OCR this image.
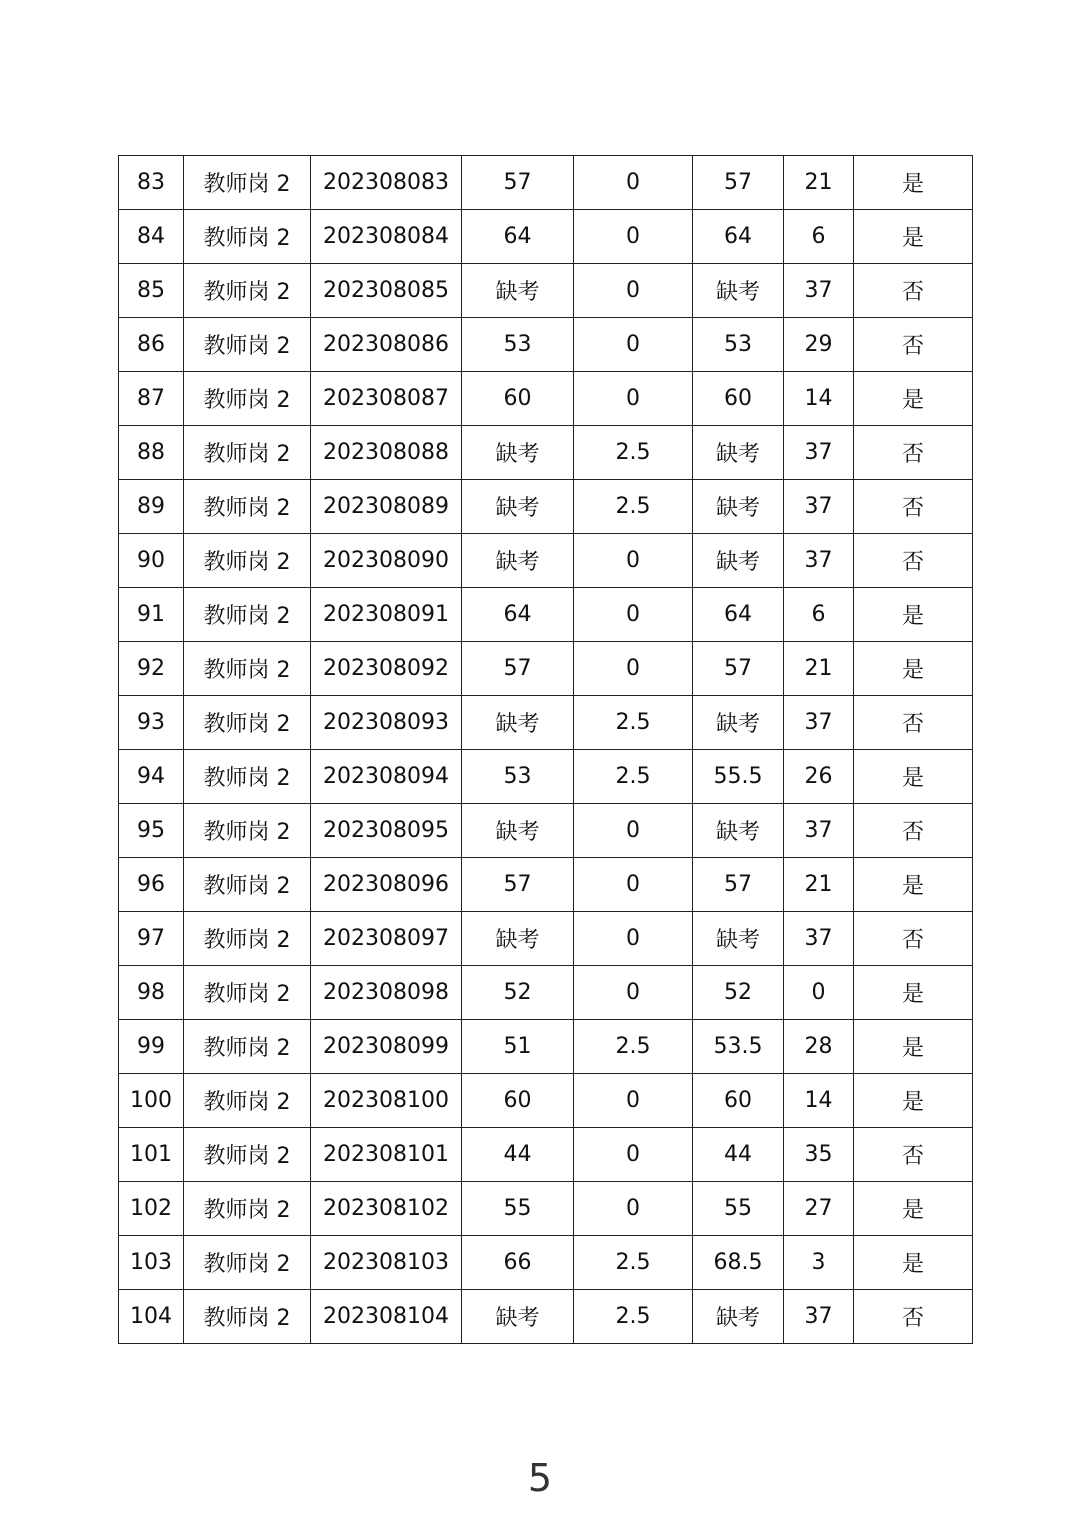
83	教师岗 2	202308083	57	0	57	21	是
84	教师岗 2	202308084	64	0	64	6	是
85	教师岗 2	202308085	缺考	0	缺考	37	否
86	教师岗 2	202308086	53	0	53	29	否
87	教师岗 2	202308087	60	0	60	14	是
88	教师岗 2	202308088	缺考	2.5	缺考	37	否
89	教师岗 2	202308089	缺考	2.5	缺考	37	否
90	教师岗 2	202308090	缺考	0	缺考	37	否
91	教师岗 2	202308091	64	0	64	6	是
92	教师岗 2	202308092	57	0	57	21	是
93	教师岗 2	202308093	缺考	2.5	缺考	37	否
94	教师岗 2	202308094	53	2.5	55.5	26	是
95	教师岗 2	202308095	缺考	0	缺考	37	否
96	教师岗 2	202308096	57	0	57	21	是
97	教师岗 2	202308097	缺考	0	缺考	37	否
98	教师岗 2	202308098	52	0	52	0	是
99	教师岗 2	202308099	51	2.5	53.5	28	是
100	教师岗 2	202308100	60	0	60	14	是
101	教师岗 2	202308101	44	0	44	35	否
102	教师岗 2	202308102	55	0	55	27	是
103	教师岗 2	202308103	66	2.5	68.5	3	是
104	教师岗 2	202308104	缺考	2.5	缺考	37	否
5
